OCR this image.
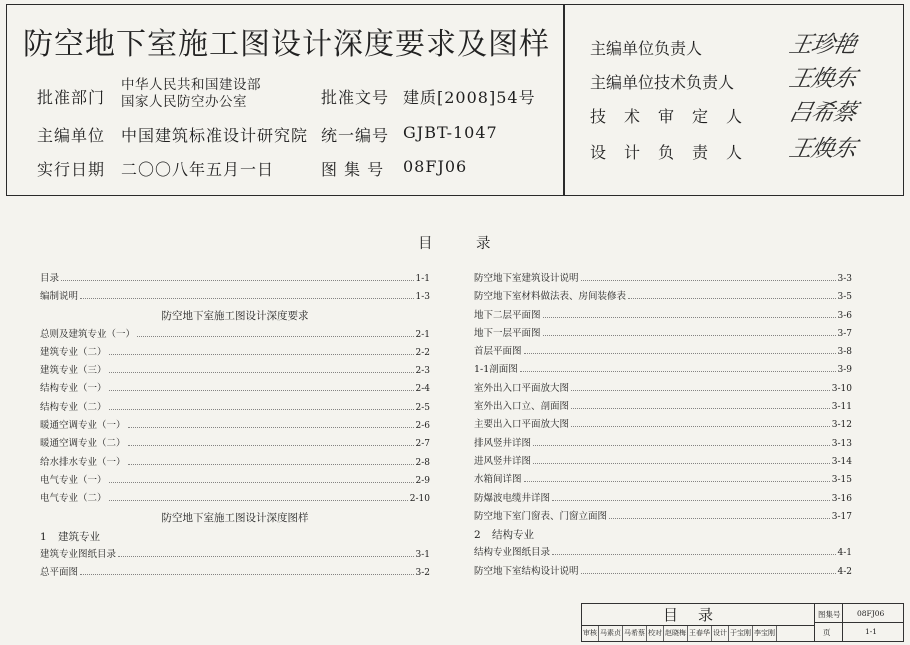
防空地下室施工图设计深度要求及图样
批准部门
中华人民共和国建设部
国家人民防空办公室	批准文号 建质[2008]54号
主编单位 中国建筑标准设计研究院 统一编号 GJBT-1047
实行日期 二〇〇八年五月一日	图 集 号 08FJ06
主编单位负责人	王珍艳
主编单位技术负责人 王焕东
技术审定人 吕希蔡
设计负责人 王焕东
目	录
目录	1-1
编制说明	1-3
防空地下室施工图设计深度要求
总则及建筑专业（一）	2-1
建筑专业（二）	2-2
建筑专业（三）	2-3
结构专业（一）	2-4
结构专业（二）	2-5
暖通空调专业（一）	2-6
暖通空调专业（二）	2-7
给水排水专业（一）	2-8
电气专业（一）	2-9
电气专业（二）	2-10
防空地下室施工图设计深度图样
1 建筑专业
建筑专业图纸目录	3-1
总平面图	3-2
防空地下室建筑设计说明	3-3
防空地下室材料做法表、房间装修表	3-5
地下二层平面图	3-6
地下一层平面图	3-7
首层平面图	3-8
1-1剖面图	3-9
室外出入口平面放大图	3-10
室外出入口立、剖面图	3-11
主要出入口平面放大图	3-12
排风竖井详图	3-13
进风竖井详图	3-14
水箱间详图	3-15
防爆波电缆井详图	3-16
防空地下室门窗表、门窗立面图	3-17
2 结构专业
结构专业图纸目录	4-1
防空地下室结构设计说明	4-2
目录
审核 马素贞 马希蔡 校对 赵晓梅 王春华 设计 于宝刚 李宝刚
图集号 08FJ06
页	1-1
